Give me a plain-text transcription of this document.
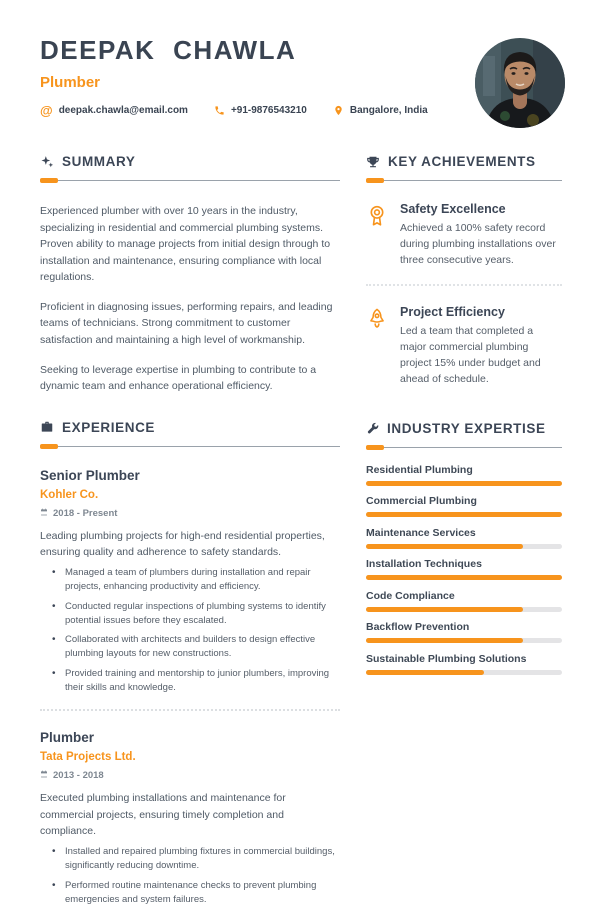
DEEPAK CHAWLA
Plumber
@ deepak.chawla@email.com	+91-9876543210	Bangalore, India
SUMMARY

Experienced plumber with over 10 years in the industry, specializing in residential and commercial plumbing systems. Proven ability to manage projects from initial design through to installation and maintenance, ensuring compliance with local regulations.

Proficient in diagnosing issues, performing repairs, and leading teams of technicians. Strong commitment to customer satisfaction and maintaining a high level of workmanship.

Seeking to leverage expertise in plumbing to contribute to a dynamic team and enhance operational efficiency.

EXPERIENCE
Senior Plumber
Kohler Co.
2018 - Present
Leading plumbing projects for high-end residential properties, ensuring quality and adherence to safety standards.
• Managed a team of plumbers during installation and repair projects, enhancing productivity and efficiency.
• Conducted regular inspections of plumbing systems to identify potential issues before they escalated.
• Collaborated with architects and builders to design effective plumbing layouts for new constructions.
• Provided training and mentorship to junior plumbers, improving their skills and knowledge.
Plumber
Tata Projects Ltd.
2013 - 2018
Executed plumbing installations and maintenance for commercial projects, ensuring timely completion and compliance.
• Installed and repaired plumbing fixtures in commercial buildings, significantly reducing downtime.
• Performed routine maintenance checks to prevent plumbing emergencies and system failures.
KEY ACHIEVEMENTS
Safety Excellence
Achieved a 100% safety record during plumbing installations over three consecutive years.
Project Efficiency
Led a team that completed a major commercial plumbing project 15% under budget and ahead of schedule.
INDUSTRY EXPERTISE
Residential Plumbing
Commercial Plumbing
Maintenance Services
Installation Techniques
Code Compliance
Backflow Prevention
Sustainable Plumbing Solutions
